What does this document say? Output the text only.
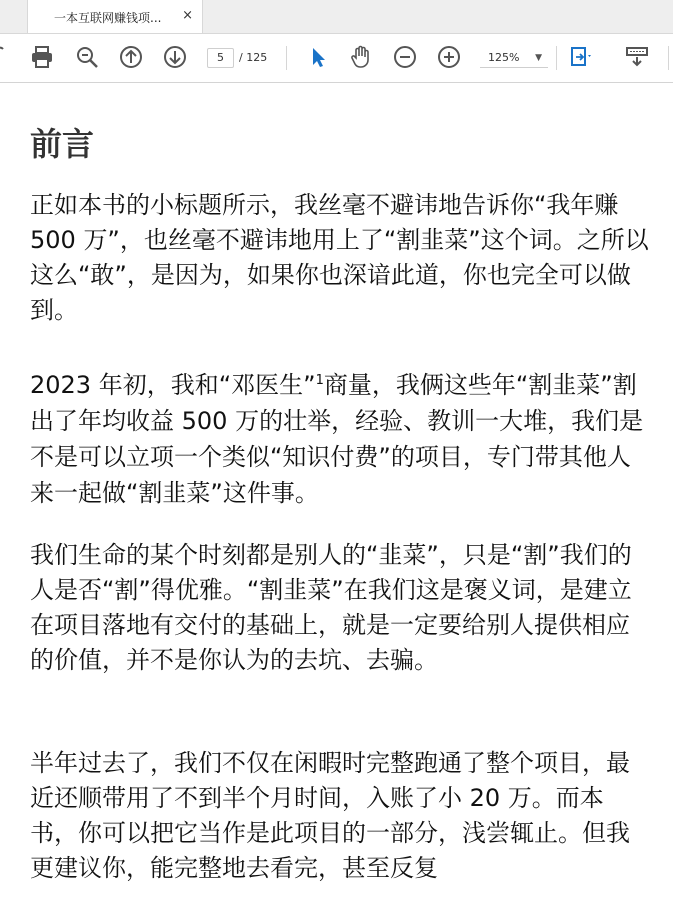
一本互联网赚钱项...	×
5	/ 125	125% ▼
前言
正如本书的小标题所示，我丝毫不避讳地告诉你“我年赚 500 万”，也丝毫不避讳地用上了“割韭菜”这个词。之所以这么“敢”，是因为，如果你也深谙此道，你也完全可以做到。
2023 年初，我和“邓医生”$^1$商量，我俩这些年“割韭菜”割出了年均收益 500 万的壮举，经验、教训一大堆，我们是不是可以立项一个类似“知识付费”的项目，专门带其他人来一起做“割韭菜”这件事。
我们生命的某个时刻都是别人的“韭菜”，只是“割”我们的人是否“割”得优雅。“割韭菜”在我们这是褒义词，是建立在项目落地有交付的基础上，就是一定要给别人提供相应的价值，并不是你认为的去坑、去骗。
半年过去了，我们不仅在闲暇时完整跑通了整个项目，最近还顺带用了不到半个月时间，入账了小 20 万。而本书，你可以把它当作是此项目的一部分，浅尝辄止。但我更建议你，能完整地去看完，甚至反复
